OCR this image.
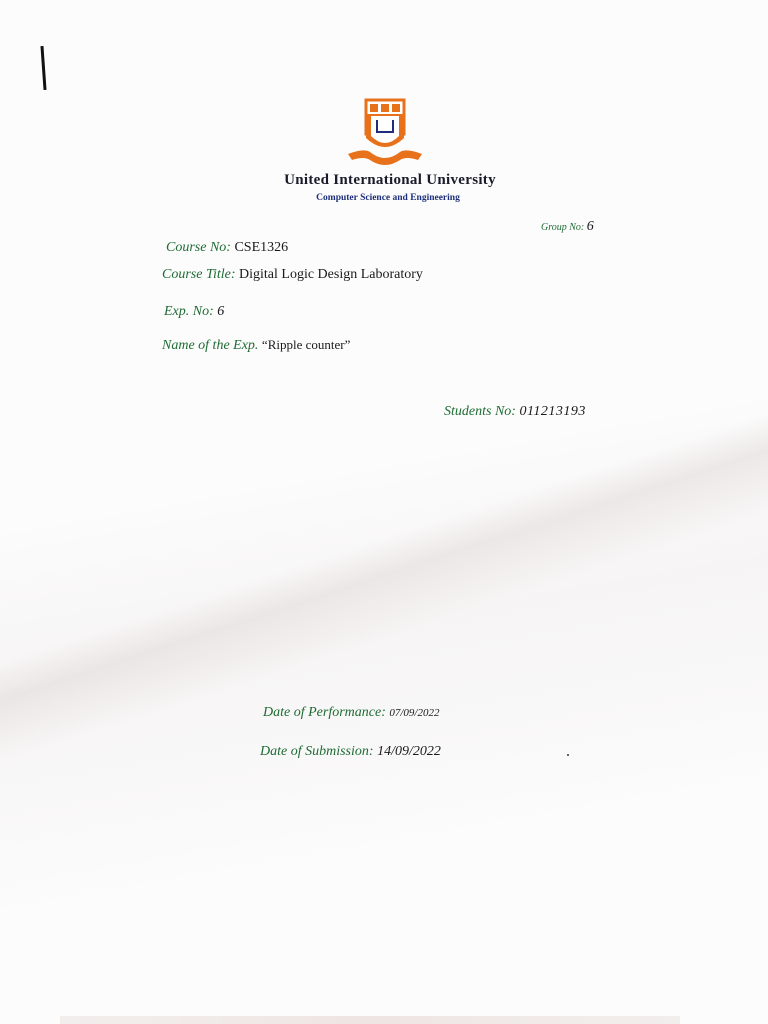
United International University
Computer Science and Engineering
Group No: 6
Course No: CSE1326
Course Title: Digital Logic Design Laboratory
Exp. No: 6
Name of the Exp. “Ripple counter”
Students No: 011213193
Date of Performance: 07/09/2022
Date of Submission: 14/09/2022
